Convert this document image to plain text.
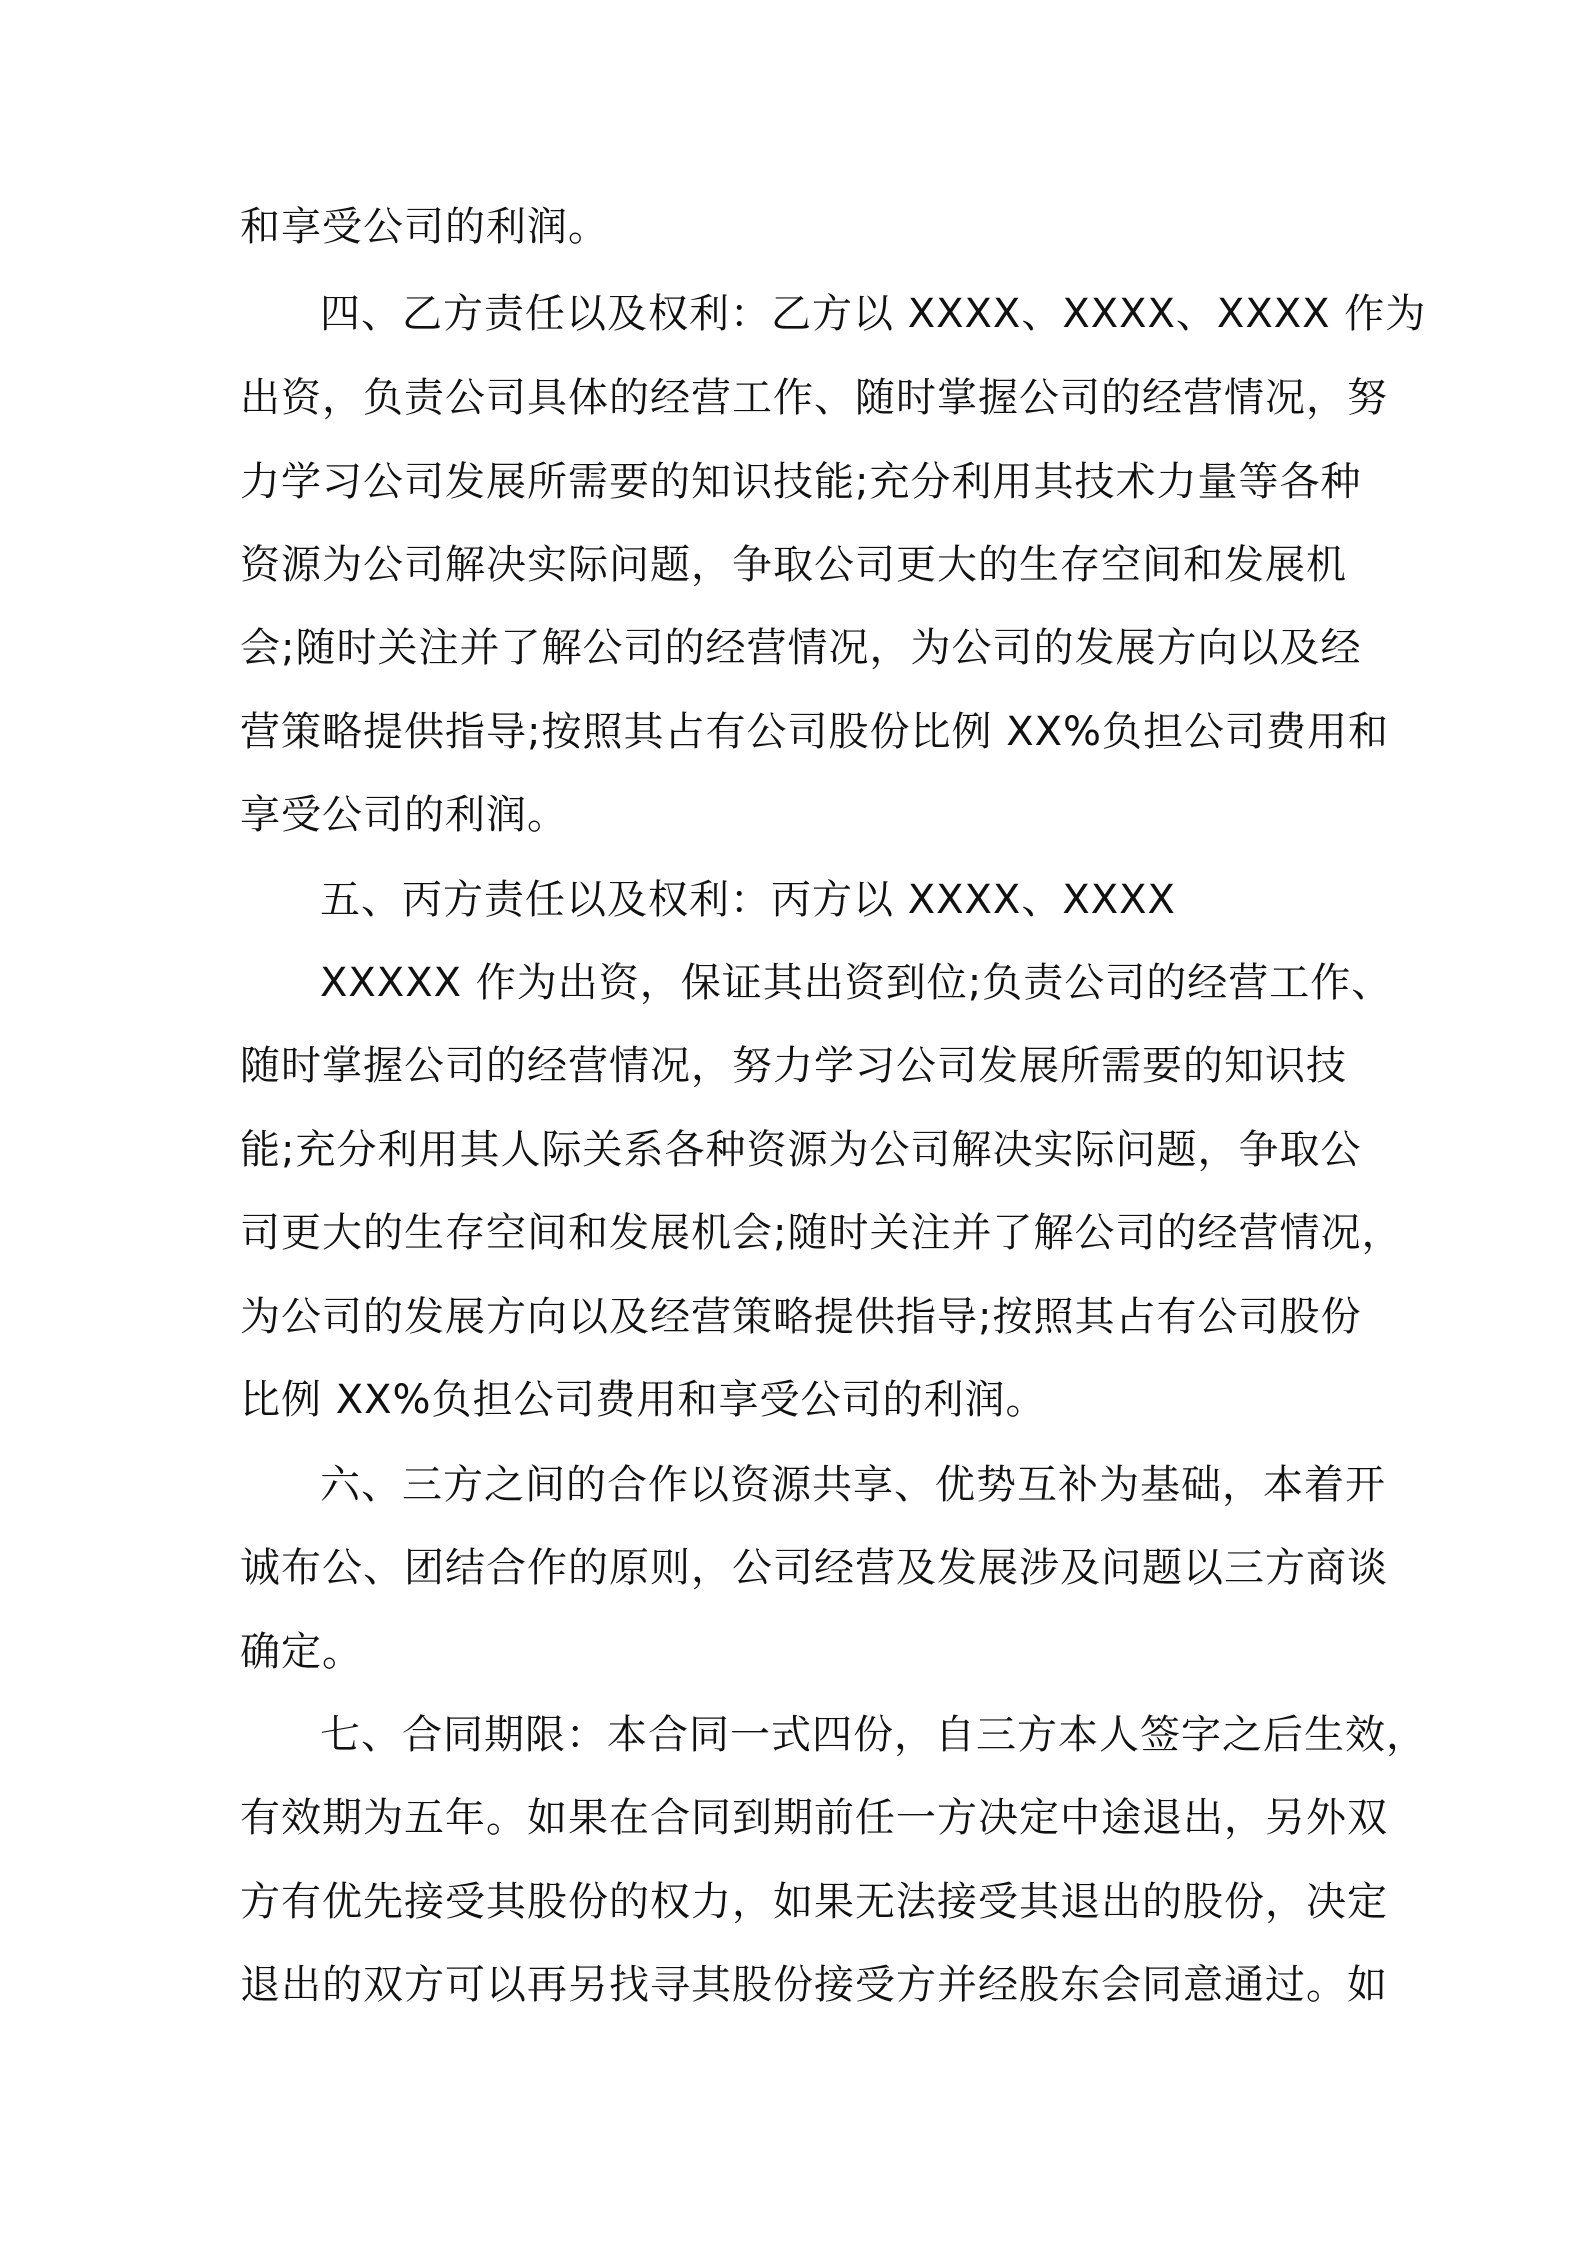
和享受公司的利润。
四、乙方责任以及权利：乙方以 XXXX、XXXX、XXXX 作为
出资，负责公司具体的经营工作、随时掌握公司的经营情况，努
力学习公司发展所需要的知识技能;充分利用其技术力量等各种
资源为公司解决实际问题，争取公司更大的生存空间和发展机
会;随时关注并了解公司的经营情况，为公司的发展方向以及经
营策略提供指导;按照其占有公司股份比例 XX%负担公司费用和
享受公司的利润。
五、丙方责任以及权利：丙方以 XXXX、XXXX
XXXXX 作为出资，保证其出资到位;负责公司的经营工作、
随时掌握公司的经营情况，努力学习公司发展所需要的知识技
能;充分利用其人际关系各种资源为公司解决实际问题，争取公
司更大的生存空间和发展机会;随时关注并了解公司的经营情况，
为公司的发展方向以及经营策略提供指导;按照其占有公司股份
比例 XX%负担公司费用和享受公司的利润。
六、三方之间的合作以资源共享、优势互补为基础，本着开
诚布公、团结合作的原则，公司经营及发展涉及问题以三方商谈
确定。
七、合同期限：本合同一式四份，自三方本人签字之后生效，
有效期为五年。如果在合同到期前任一方决定中途退出，另外双
方有优先接受其股份的权力，如果无法接受其退出的股份，决定
退出的双方可以再另找寻其股份接受方并经股东会同意通过。如
